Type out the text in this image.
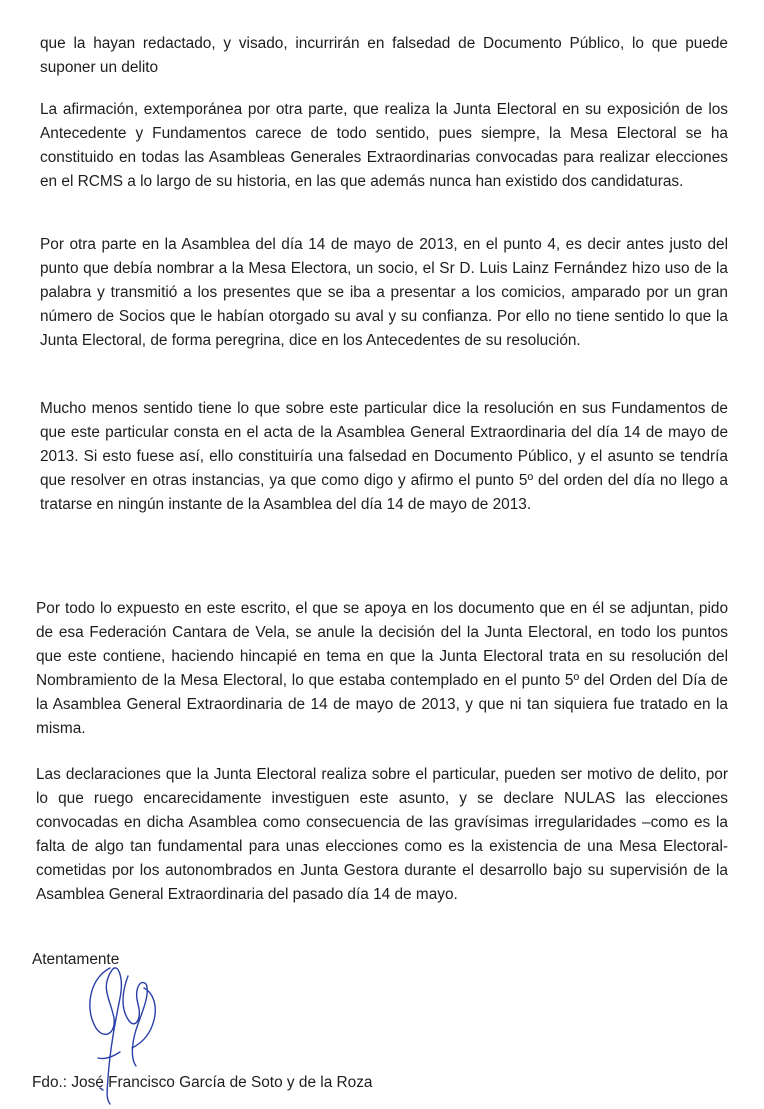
que la hayan redactado, y visado, incurrirán en falsedad de Documento Público, lo que puede suponer un delito

La afirmación, extemporánea por otra parte, que realiza la Junta Electoral en su exposición de los Antecedente y Fundamentos carece de todo sentido, pues siempre, la Mesa Electoral se ha constituido en todas las Asambleas Generales Extraordinarias convocadas para realizar elecciones en el RCMS a lo largo de su historia, en las que además nunca han existido dos candidaturas.

Por otra parte en la Asamblea del día 14 de mayo de 2013, en el punto 4, es decir antes justo del punto que debía nombrar a la Mesa Electora, un socio, el Sr D. Luis Lainz Fernández hizo uso de la palabra y transmitió a los presentes que se iba a presentar a los comicios, amparado por un gran número de Socios que le habían otorgado su aval y su confianza. Por ello no tiene sentido lo que la Junta Electoral, de forma peregrina, dice en los Antecedentes de su resolución.

Mucho menos sentido tiene lo que sobre este particular dice la resolución en sus Fundamentos de que este particular consta en el acta de la Asamblea General Extraordinaria del día 14 de mayo de 2013. Si esto fuese así, ello constituiría una falsedad en Documento Público, y el asunto se tendría que resolver en otras instancias, ya que como digo y afirmo el punto 5º del orden del día no llego a tratarse en ningún instante de la Asamblea del día 14 de mayo de 2013.

Por todo lo expuesto en este escrito, el que se apoya en los documento que en él se adjuntan, pido de esa Federación Cantara de Vela, se anule la decisión del la Junta Electoral, en todo los puntos que este contiene, haciendo hincapié en tema en que la Junta Electoral trata en su resolución del Nombramiento de la Mesa Electoral, lo que estaba contemplado en el punto 5º del Orden del Día de la Asamblea General Extraordinaria de 14 de mayo de 2013, y que ni tan siquiera fue tratado en la misma.

Las declaraciones que la Junta Electoral realiza sobre el particular, pueden ser motivo de delito, por lo que ruego encarecidamente investiguen este asunto, y se declare NULAS las elecciones convocadas en dicha Asamblea como consecuencia de las gravísimas irregularidades –como es la falta de algo tan fundamental para unas elecciones como es la existencia de una Mesa Electoral- cometidas por los autonombrados en Junta Gestora durante el desarrollo bajo su supervisión de la Asamblea General Extraordinaria del pasado día 14 de mayo.

Atentamente

Fdo.: José Francisco García de Soto y de la Roza
